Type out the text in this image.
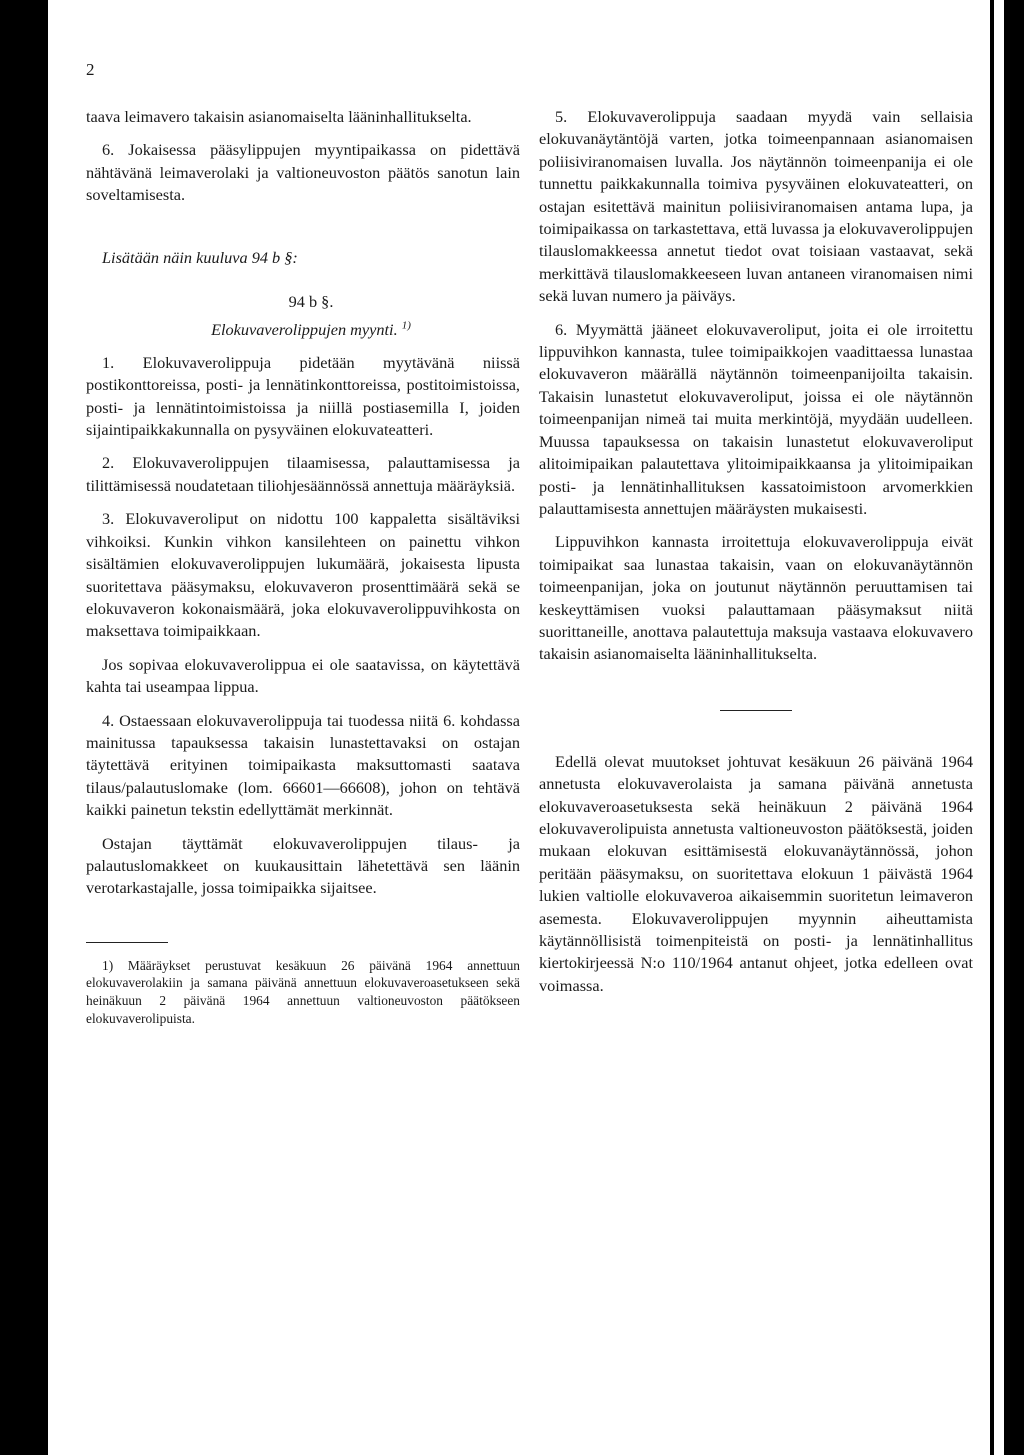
2

taava leimavero takaisin asianomaiselta lääninhallitukselta.

6. Jokaisessa pääsylippujen myyntipaikassa on pidettävä nähtävänä leimaverolaki ja valtioneuvoston päätös sanotun lain soveltamisesta.

Lisätään näin kuuluva 94 b §:

94 b §.

Elokuvaverolippujen myynti. $^{1)}$

1. Elokuvaverolippuja pidetään myytävänä niissä postikonttoreissa, posti- ja lennätinkonttoreissa, postitoimistoissa, posti- ja lennätintoimistoissa ja niillä postiasemilla I, joiden sijaintipaikkakunnalla on pysyväinen elokuvateatteri.

2. Elokuvaverolippujen tilaamisessa, palauttamisessa ja tilittämisessä noudatetaan tiliohjesäännössä annettuja määräyksiä.

3. Elokuvaveroliput on nidottu 100 kappaletta sisältäviksi vihkoiksi. Kunkin vihkon kansilehteen on painettu vihkon sisältämien elokuvaverolippujen lukumäärä, jokaisesta lipusta suoritettava pääsymaksu, elokuvaveron prosenttimäärä sekä se elokuvaveron kokonaismäärä, joka elokuvaverolippuvihkosta on maksettava toimipaikkaan.

Jos sopivaa elokuvaverolippua ei ole saatavissa, on käytettävä kahta tai useampaa lippua.

4. Ostaessaan elokuvaverolippuja tai tuodessa niitä 6. kohdassa mainitussa tapauksessa takaisin lunastettavaksi on ostajan täytettävä erityinen toimipaikasta maksuttomasti saatava tilaus/palautuslomake (lom. 66601—66608), johon on tehtävä kaikki painetun tekstin edellyttämät merkinnät.

Ostajan täyttämät elokuvaverolippujen tilaus- ja palautuslomakkeet on kuukausittain lähetettävä sen läänin verotarkastajalle, jossa toimipaikka sijaitsee.

1) Määräykset perustuvat kesäkuun 26 päivänä 1964 annettuun elokuvaverolakiin ja samana päivänä annettuun elokuvaveroasetukseen sekä heinäkuun 2 päivänä 1964 annettuun valtioneuvoston päätökseen elokuvaverolipuista.

5. Elokuvaverolippuja saadaan myydä vain sellaisia elokuvanäytäntöjä varten, jotka toimeenpannaan asianomaisen poliisiviranomaisen luvalla. Jos näytännön toimeenpanija ei ole tunnettu paikkakunnalla toimiva pysyväinen elokuvateatteri, on ostajan esitettävä mainitun poliisiviranomaisen antama lupa, ja toimipaikassa on tarkastettava, että luvassa ja elokuvaverolippujen tilauslomakkeessa annetut tiedot ovat toisiaan vastaavat, sekä merkittävä tilauslomakkeeseen luvan antaneen viranomaisen nimi sekä luvan numero ja päiväys.

6. Myymättä jääneet elokuvaveroliput, joita ei ole irroitettu lippuvihkon kannasta, tulee toimipaikkojen vaadittaessa lunastaa elokuvaveron määrällä näytännön toimeenpanijoilta takaisin. Takaisin lunastetut elokuvaveroliput, joissa ei ole näytännön toimeenpanijan nimeä tai muita merkintöjä, myydään uudelleen. Muussa tapauksessa on takaisin lunastetut elokuvaveroliput alitoimipaikan palautettava ylitoimipaikkaansa ja ylitoimipaikan posti- ja lennätinhallituksen kassatoimistoon arvomerkkien palauttamisesta annettujen määräysten mukaisesti.

Lippuvihkon kannasta irroitettuja elokuvaverolippuja eivät toimipaikat saa lunastaa takaisin, vaan on elokuvanäytännön toimeenpanijan, joka on joutunut näytännön peruuttamisen tai keskeyttämisen vuoksi palauttamaan pääsymaksut niitä suorittaneille, anottava palautettuja maksuja vastaava elokuvavero takaisin asianomaiselta lääninhallitukselta.

Edellä olevat muutokset johtuvat kesäkuun 26 päivänä 1964 annetusta elokuvaverolaista ja samana päivänä annetusta elokuvaveroasetuksesta sekä heinäkuun 2 päivänä 1964 elokuvaverolipuista annetusta valtioneuvoston päätöksestä, joiden mukaan elokuvan esittämisestä elokuvanäytännössä, johon peritään pääsymaksu, on suoritettava elokuun 1 päivästä 1964 lukien valtiolle elokuvaveroa aikaisemmin suoritetun leimaveron asemesta. Elokuvaverolippujen myynnin aiheuttamista käytännöllisistä toimenpiteistä on posti- ja lennätinhallitus kiertokirjeessä N:o 110/1964 antanut ohjeet, jotka edelleen ovat voimassa.
